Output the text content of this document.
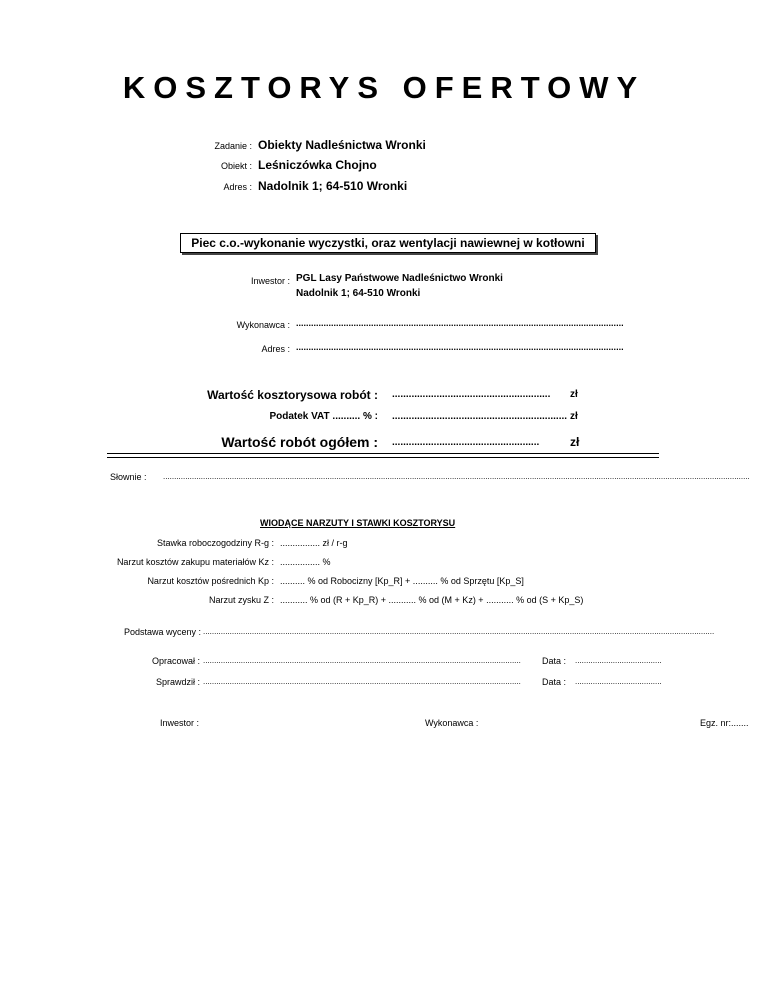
KOSZTORYS OFERTOWY
Zadanie : Obiekty Nadleśnictwa Wronki
Obiekt : Leśniczówka Chojno
Adres : Nadolnik 1; 64-510 Wronki
Piec c.o.-wykonanie wyczystki, oraz wentylacji nawiewnej w kotłowni
Inwestor : PGL Lasy Państwowe Nadleśnictwo Wronki
Nadolnik 1; 64-510 Wronki
Wykonawca : ...................................................................................................................................
Adres : ...................................................................................................................................
Wartość kosztorysowa robót : ......................................................... zł
Podatek VAT .......... % : ............................................................... zł
Wartość robót ogółem : .....................................................	zł
Słownie : ........................................................................................................................................................................................................................................................................
WIODĄCE NARZUTY I STAWKI KOSZTORYSU
Stawka roboczogodziny R-g : ................ zł / r-g
Narzut kosztów zakupu materiałów Kz : ................ %
Narzut kosztów pośrednich Kp : .......... % od Robocizny [Kp_R] + .......... % od Sprzętu [Kp_S]
Narzut zysku Z : ........... % od (R + Kp_R) + ........... % od (M + Kz) + ........... % od (S + Kp_S)
Podstawa wyceny : ......................................................................................................................................................................................................................................
Opracował : ............................................................................................................................................... Data : .......................................
Sprawdził : ............................................................................................................................................... Data : .......................................
Inwestor :	Wykonawca :	Egz. nr:.......
